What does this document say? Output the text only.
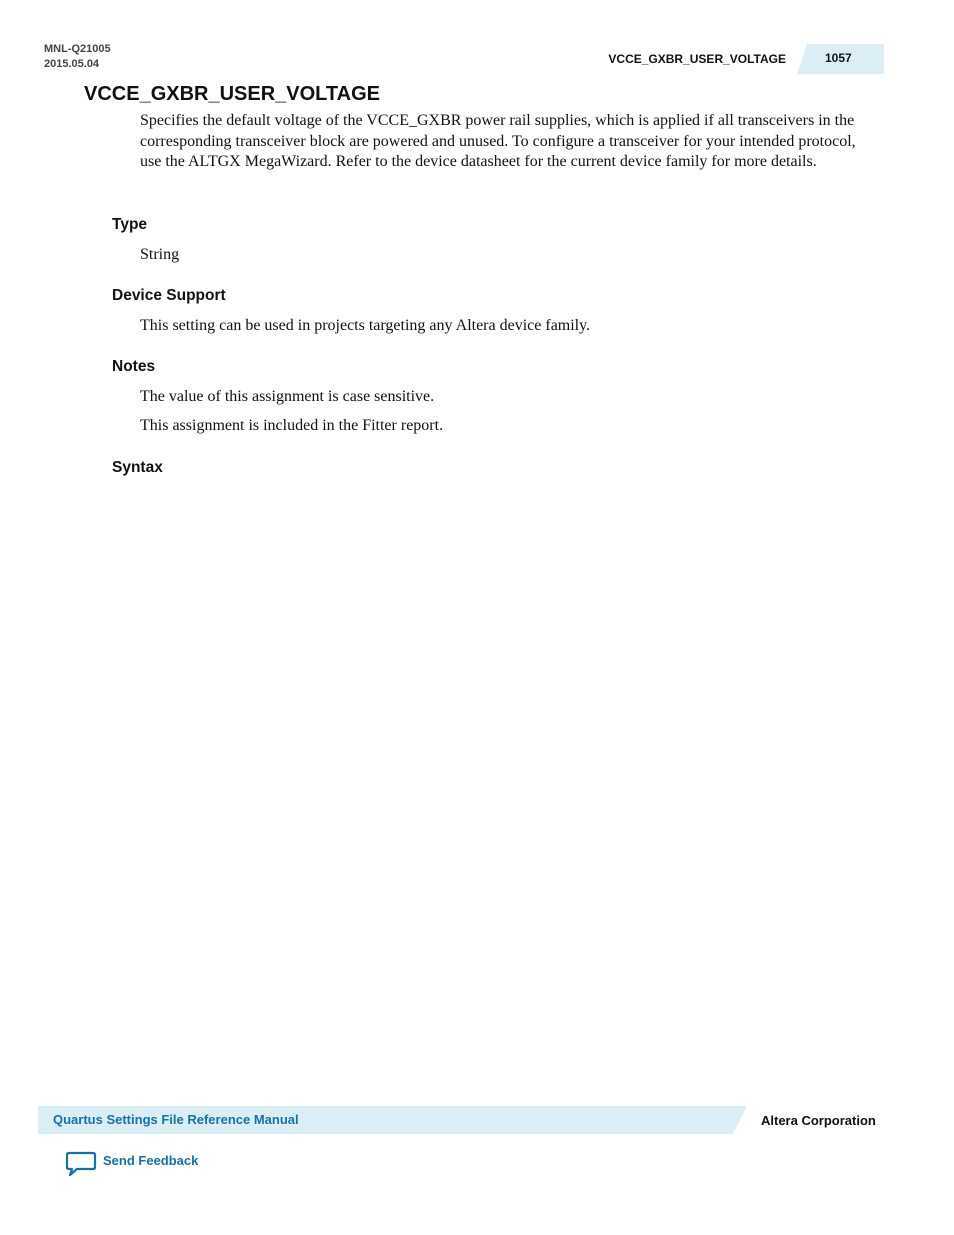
MNL-Q21005
2015.05.04	VCCE_GXBR_USER_VOLTAGE	1057
VCCE_GXBR_USER_VOLTAGE
Specifies the default voltage of the VCCE_GXBR power rail supplies, which is applied if all transceivers in the corresponding transceiver block are powered and unused. To configure a transceiver for your intended protocol, use the ALTGX MegaWizard. Refer to the device datasheet for the current device family for more details.
Type
String
Device Support
This setting can be used in projects targeting any Altera device family.
Notes
The value of this assignment is case sensitive.
This assignment is included in the Fitter report.
Syntax
Quartus Settings File Reference Manual	Altera Corporation
Send Feedback
